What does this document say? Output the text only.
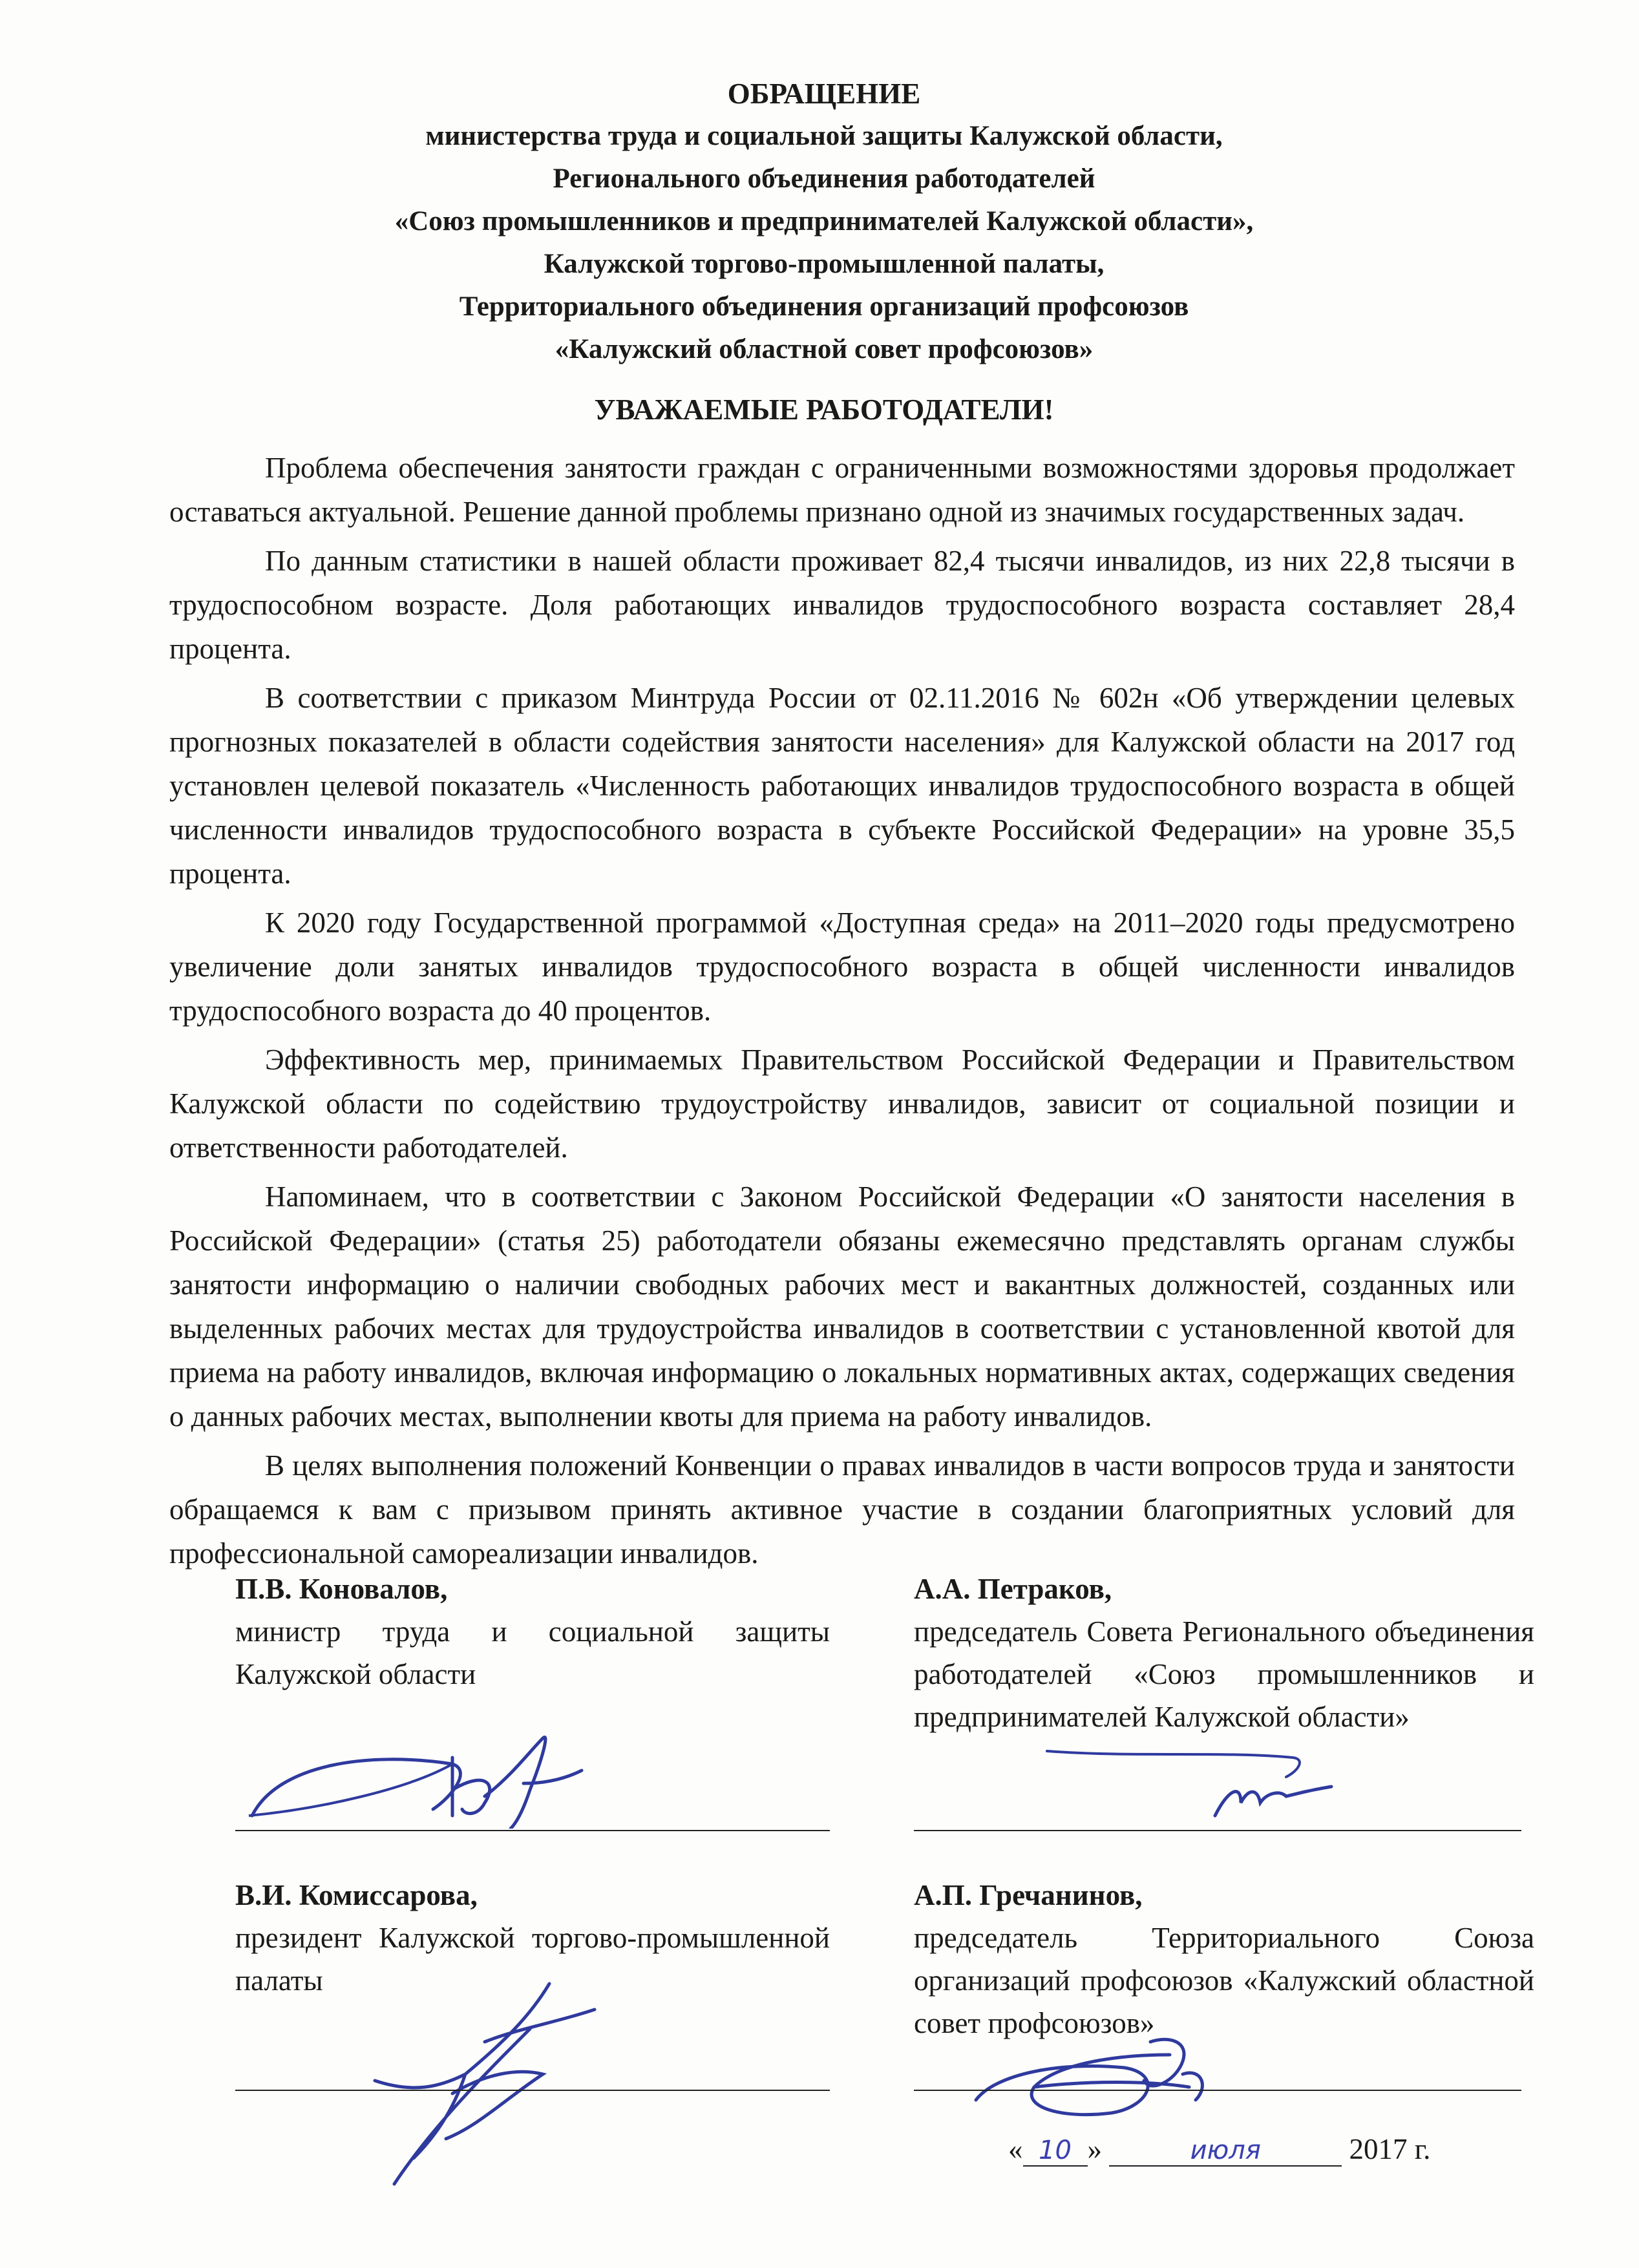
ОБРАЩЕНИЕ
министерства труда и социальной защиты Калужской области,
Регионального объединения работодателей
«Союз промышленников и предпринимателей Калужской области»,
Калужской торгово-промышленной палаты,
Территориального объединения организаций профсоюзов
«Калужский областной совет профсоюзов»
УВАЖАЕМЫЕ РАБОТОДАТЕЛИ!

Проблема обеспечения занятости граждан с ограниченными возможностями здоровья продолжает оставаться актуальной. Решение данной проблемы признано одной из значимых государственных задач.

По данным статистики в нашей области проживает 82,4 тысячи инвалидов, из них 22,8 тысячи в трудоспособном возрасте. Доля работающих инвалидов трудоспособного возраста составляет 28,4 процента.

В соответствии с приказом Минтруда России от 02.11.2016 № 602н «Об утверждении целевых прогнозных показателей в области содействия занятости населения» для Калужской области на 2017 год установлен целевой показатель «Численность работающих инвалидов трудоспособного возраста в общей численности инвалидов трудоспособного возраста в субъекте Российской Федерации» на уровне 35,5 процента.

К 2020 году Государственной программой «Доступная среда» на 2011–2020 годы предусмотрено увеличение доли занятых инвалидов трудоспособного возраста в общей численности инвалидов трудоспособного возраста до 40 процентов.

Эффективность мер, принимаемых Правительством Российской Федерации и Правительством Калужской области по содействию трудоустройству инвалидов, зависит от социальной позиции и ответственности работодателей.

Напоминаем, что в соответствии с Законом Российской Федерации «О занятости населения в Российской Федерации» (статья 25) работодатели обязаны ежемесячно представлять органам службы занятости информацию о наличии свободных рабочих мест и вакантных должностей, созданных или выделенных рабочих местах для трудоустройства инвалидов в соответствии с установленной квотой для приема на работу инвалидов, включая информацию о локальных нормативных актах, содержащих сведения о данных рабочих местах, выполнении квоты для приема на работу инвалидов.

В целях выполнения положений Конвенции о правах инвалидов в части вопросов труда и занятости обращаемся к вам с призывом принять активное участие в создании благоприятных условий для профессиональной самореализации инвалидов.

П.В. Коновалов,
министр труда и социальной защиты Калужской области
А.А. Петраков,
председатель Совета Регионального объединения работодателей «Союз промышленников и предпринимателей Калужской области»
В.И. Комиссарова,
президент Калужской торгово-промышленной палаты
А.П. Гречанинов,
председатель Территориального Союза организаций профсоюзов «Калужский областной совет профсоюзов»
« 10 »	июля	2017 г.
